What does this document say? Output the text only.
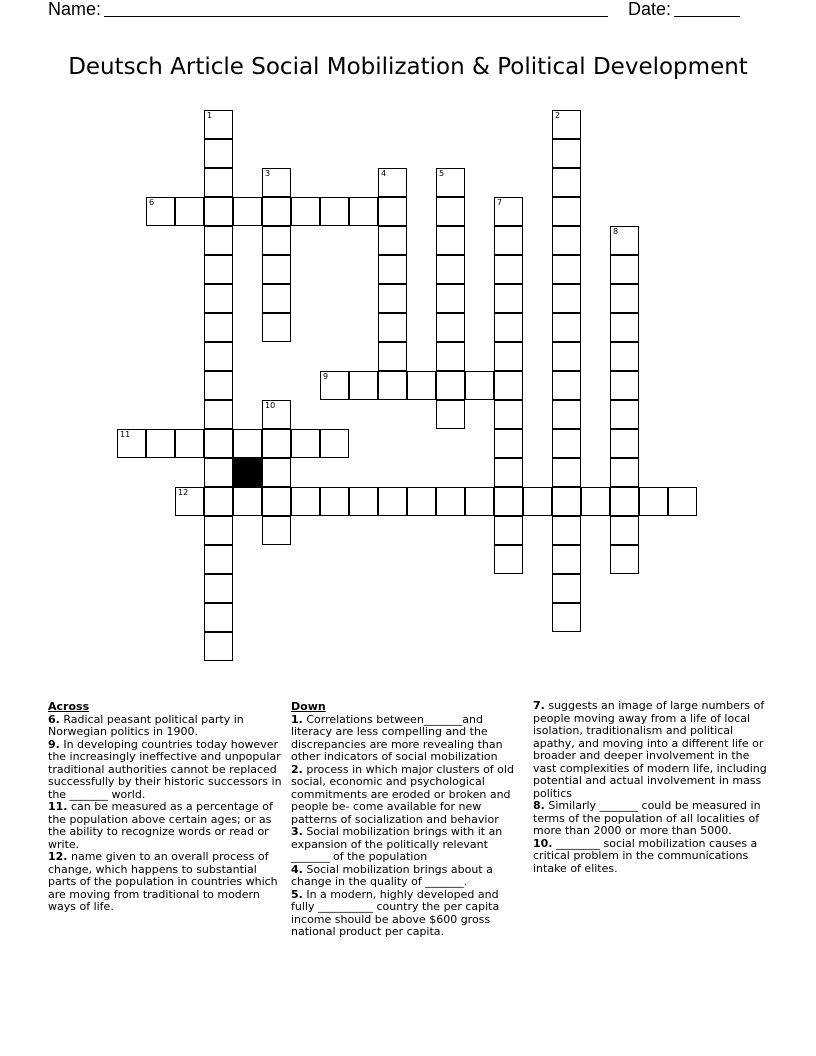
Name:	Date:
Deutsch Article Social Mobilization & Political Development
6
9
11
12
1	2
3	4	5
7
8
10
Across
6. Radical peasant political party in Norwegian politics in 1900.
9. In developing countries today however the increasingly ineffective and unpopular traditional authorities cannot be replaced successfully by their historic successors in the _______ world.
11. can be measured as a percentage of the population above certain ages; or as the ability to recognize words or read or write.
12. name given to an overall process of change, which happens to substantial parts of the population in countries which are moving from traditional to modern ways of life.
Down
1. Correlations between_______and literacy are less compelling and the discrepancies are more revealing than other indicators of social mobilization
2. process in which major clusters of old social, economic and psychological commitments are eroded or broken and people be- come available for new patterns of socialization and behavior
3. Social mobilization brings with it an expansion of the politically relevant _______ of the population
4. Social mobilization brings about a change in the quality of _______.
5. In a modern, highly developed and fully __________ country the per capita income should be above $600 gross national product per capita.
7. suggests an image of large numbers of people moving away from a life of local isolation, traditionalism and political apathy, and moving into a different life or broader and deeper involvement in the vast complexities of modern life, including potential and actual involvement in mass politics
8. Similarly _______ could be measured in terms of the population of all localities of more than 2000 or more than 5000.
10. ________ social mobilization causes a critical problem in the communications intake of elites.
